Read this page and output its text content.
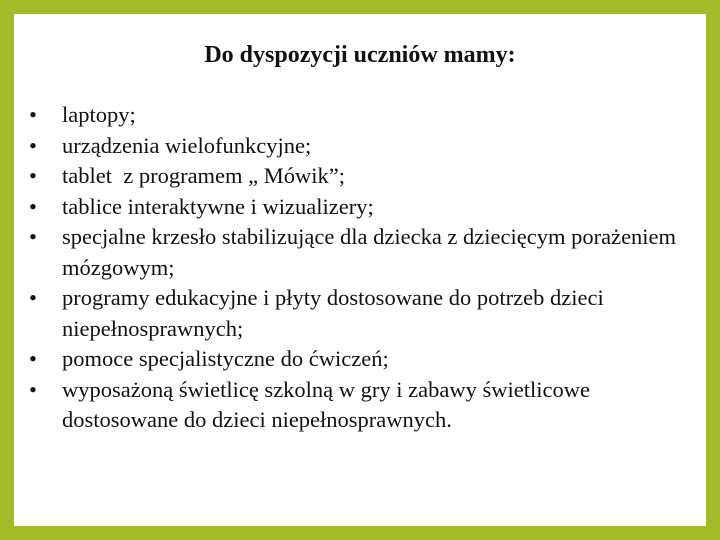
Do dyspozycji uczniów mamy:
• laptopy;
• urządzenia wielofunkcyjne;
• tablet  z programem „ Mówik”;
• tablice interaktywne i wizualizery;
• specjalne krzesło stabilizujące dla dziecka z dziecięcym porażeniem mózgowym;
• programy edukacyjne i płyty dostosowane do potrzeb dzieci niepełnosprawnych;
• pomoce specjalistyczne do ćwiczeń;
• wyposażoną świetlicę szkolną w gry i zabawy świetlicowe dostosowane do dzieci niepełnosprawnych.
